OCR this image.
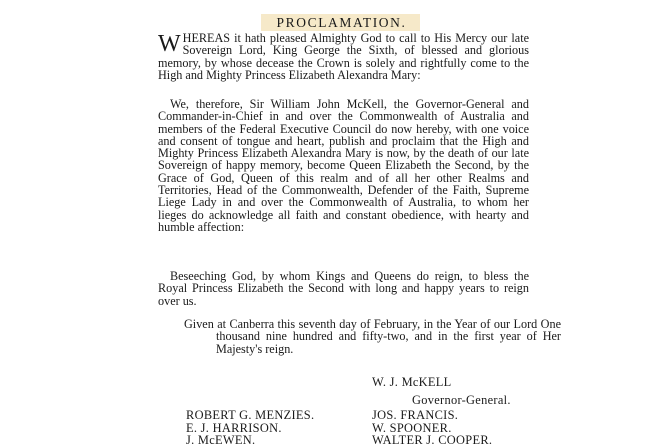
PROCLAMATION.

WHEREAS it hath pleased Almighty God to call to His Mercy our late Sovereign Lord, King George the Sixth, of blessed and glorious memory, by whose decease the Crown is solely and rightfully come to the High and Mighty Princess Elizabeth Alexandra Mary:

We, therefore, Sir William John McKell, the Governor-General and Commander-in-Chief in and over the Commonwealth of Australia and members of the Federal Executive Council do now hereby, with one voice and consent of tongue and heart, publish and proclaim that the High and Mighty Princess Elizabeth Alexandra Mary is now, by the death of our late Sovereign of happy memory, become Queen Elizabeth the Second, by the Grace of God, Queen of this realm and of all her other Realms and Territories, Head of the Commonwealth, Defender of the Faith, Supreme Liege Lady in and over the Commonwealth of Australia, to whom her lieges do acknowledge all faith and constant obedience, with hearty and humble affection:

Beseeching God, by whom Kings and Queens do reign, to bless the Royal Princess Elizabeth the Second with long and happy years to reign over us.

Given at Canberra this seventh day of February, in the Year of our Lord One thousand nine hundred and fifty-two, and in the first year of Her Majesty's reign.

W. J. McKELL
Governor-General.
ROBERT G. MENZIES.
E. J. HARRISON.
J. McEWEN.
JOS. FRANCIS.
W. SPOONER.
WALTER J. COOPER.
